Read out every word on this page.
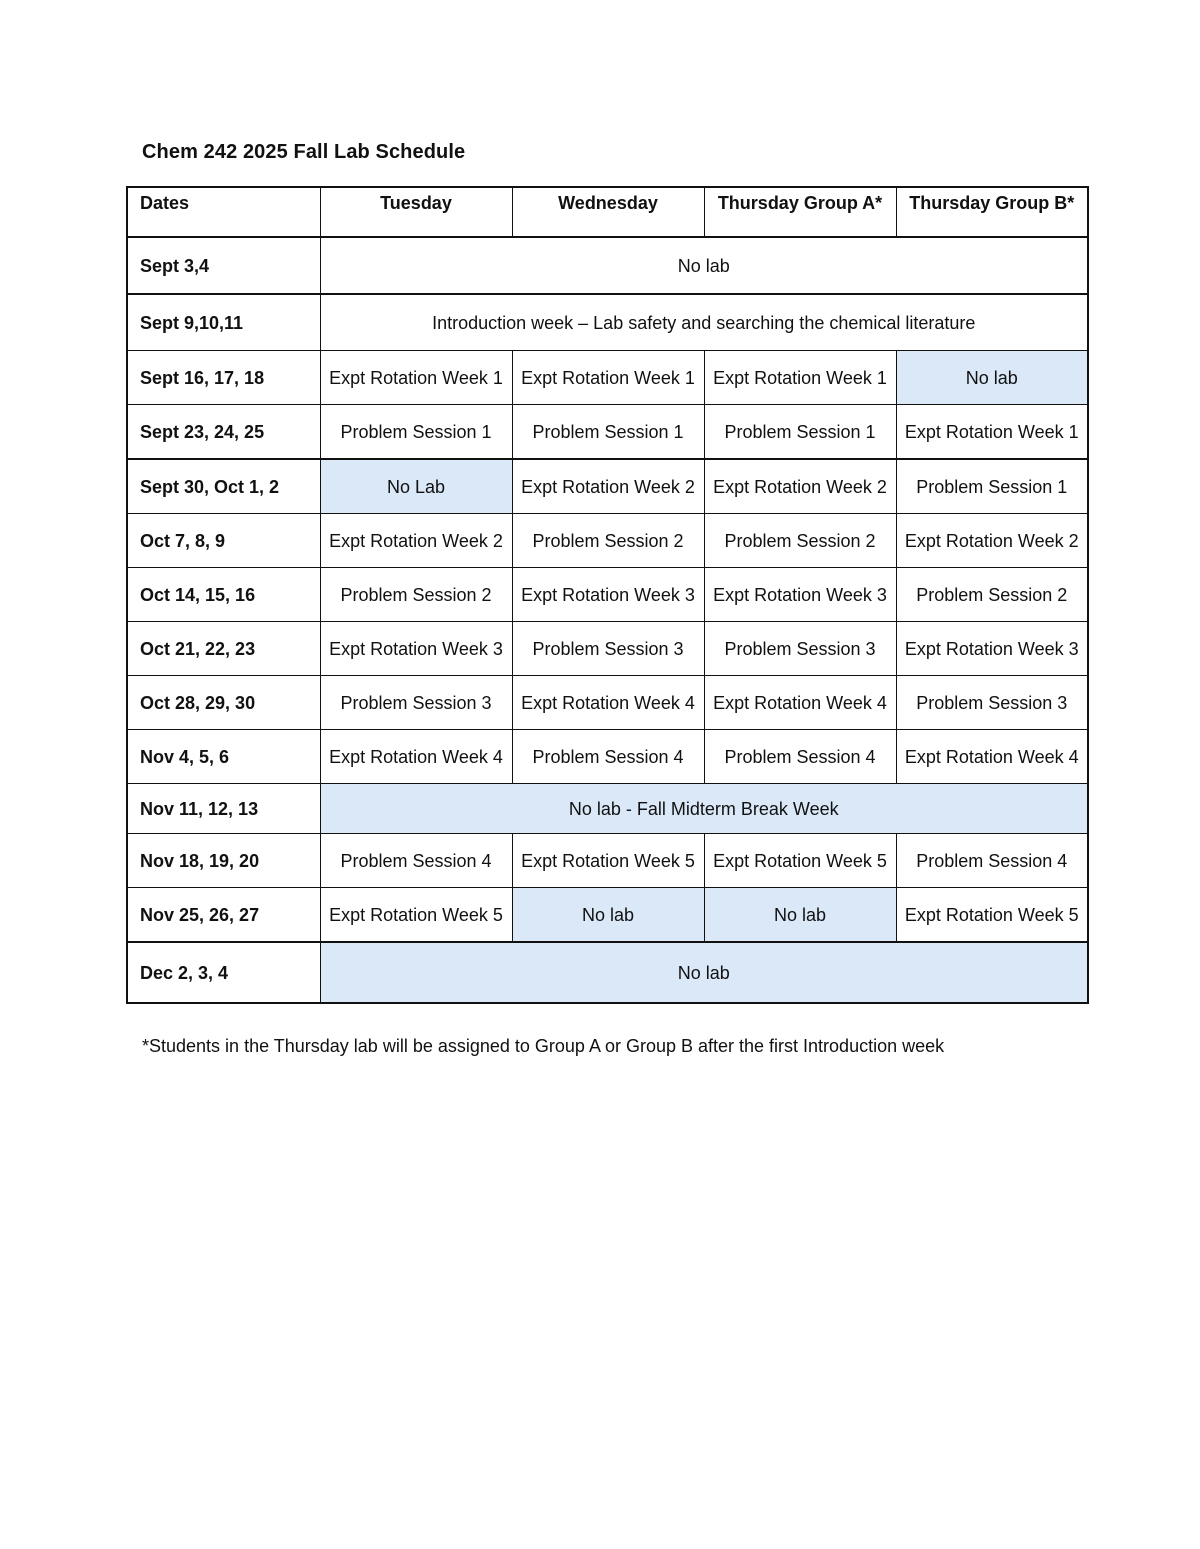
Chem 242 2025 Fall Lab Schedule
Dates	Tuesday	Wednesday	Thursday Group A*	Thursday Group B*
Sept 3,4	No lab			
Sept 9,10,11	Introduction week – Lab safety and searching the chemical literature			
Sept 16, 17, 18	Expt Rotation Week 1	Expt Rotation Week 1	Expt Rotation Week 1	No lab
Sept 23, 24, 25	Problem Session 1	Problem Session 1	Problem Session 1	Expt Rotation Week 1
Sept 30, Oct 1, 2	No Lab	Expt Rotation Week 2	Expt Rotation Week 2	Problem Session 1
Oct 7, 8, 9	Expt Rotation Week 2	Problem Session 2	Problem Session 2	Expt Rotation Week 2
Oct 14, 15, 16	Problem Session 2	Expt Rotation Week 3	Expt Rotation Week 3	Problem Session 2
Oct 21, 22, 23	Expt Rotation Week 3	Problem Session 3	Problem Session 3	Expt Rotation Week 3
Oct 28, 29, 30	Problem Session 3	Expt Rotation Week 4	Expt Rotation Week 4	Problem Session 3
Nov 4, 5, 6	Expt Rotation Week 4	Problem Session 4	Problem Session 4	Expt Rotation Week 4
Nov 11, 12, 13	No lab - Fall Midterm Break Week			
Nov 18, 19, 20	Problem Session 4	Expt Rotation Week 5	Expt Rotation Week 5	Problem Session 4
Nov 25, 26, 27	Expt Rotation Week 5	No lab	No lab	Expt Rotation Week 5
Dec 2, 3, 4	No lab			
*Students in the Thursday lab will be assigned to Group A or Group B after the first Introduction week
